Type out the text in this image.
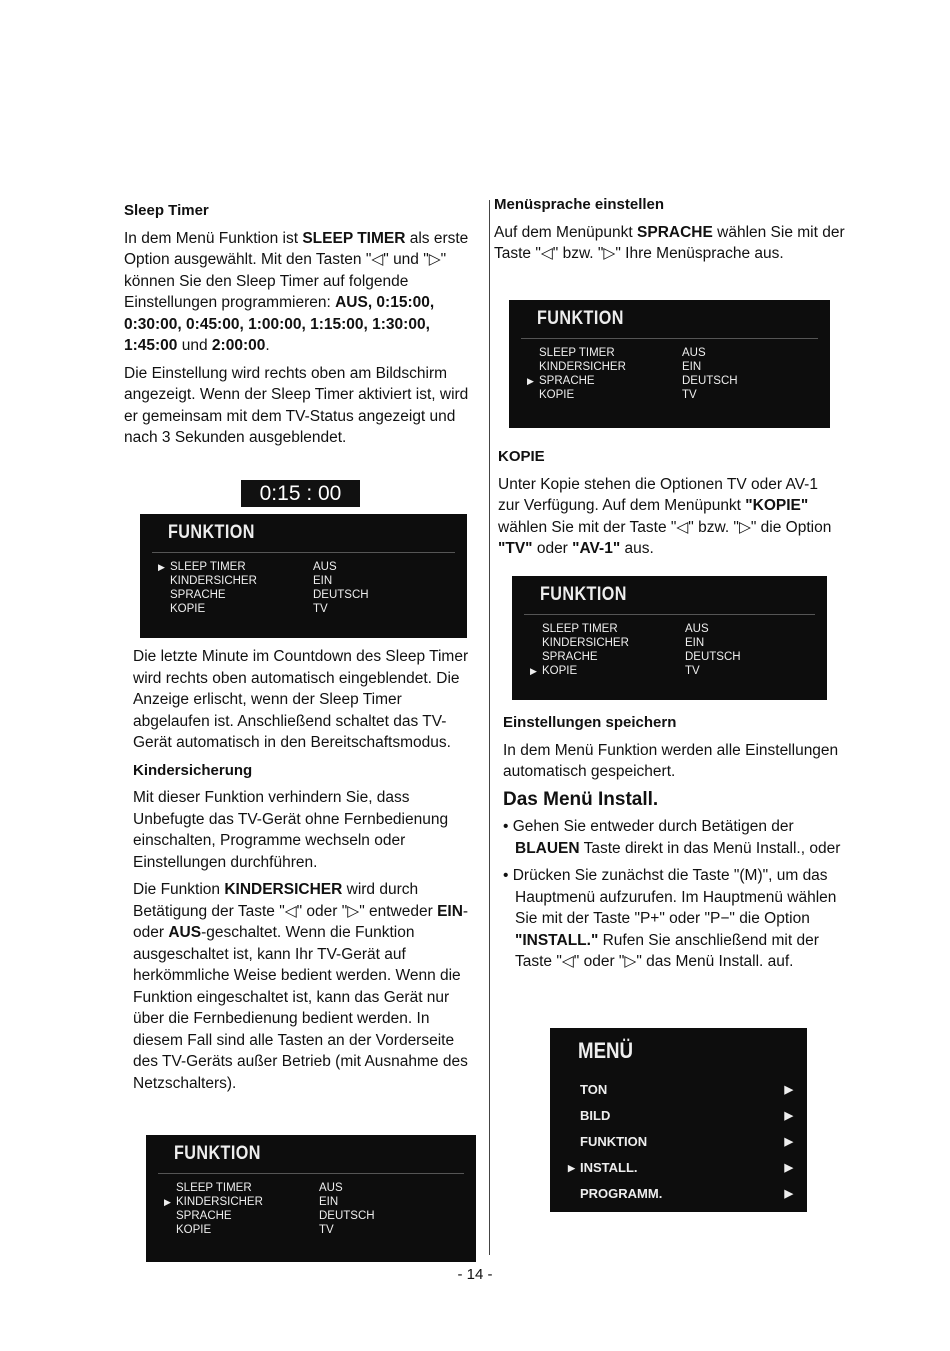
Sleep Timer

In dem Menü Funktion ist SLEEP TIMER als erste Option ausgewählt. Mit den Tasten "◁" und "▷" können Sie den Sleep Timer auf folgende Einstellungen programmieren: AUS, 0:15:00, 0:30:00, 0:45:00, 1:00:00, 1:15:00, 1:30:00, 1:45:00 und 2:00:00.

Die Einstellung wird rechts oben am Bildschirm angezeigt. Wenn der Sleep Timer aktiviert ist, wird er gemeinsam mit dem TV-Status angezeigt und nach 3 Sekunden ausgeblendet.

0:15 : 00
FUNKTION
▶ SLEEP TIMER	AUS
KINDERSICHER	EIN
SPRACHE	DEUTSCH
KOPIE	TV

Die letzte Minute im Countdown des Sleep Timer wird rechts oben automatisch eingeblendet. Die Anzeige erlischt, wenn der Sleep Timer abgelaufen ist. Anschließend schaltet das TV-Gerät automatisch in den Bereitschaftsmodus.

Kindersicherung

Mit dieser Funktion verhindern Sie, dass Unbefugte das TV-Gerät ohne Fernbedienung einschalten, Programme wechseln oder Einstellungen durchführen.

Die Funktion KINDERSICHER wird durch Betätigung der Taste "◁" oder "▷" entweder EIN- oder AUS-geschaltet. Wenn die Funktion ausgeschaltet ist, kann Ihr TV-Gerät auf herkömmliche Weise bedient werden. Wenn die Funktion eingeschaltet ist, kann das Gerät nur über die Fernbedienung bedient werden. In diesem Fall sind alle Tasten an der Vorderseite des TV-Geräts außer Betrieb (mit Ausnahme des Netzschalters).

FUNKTION
SLEEP TIMER	AUS
▶ KINDERSICHER	EIN
SPRACHE	DEUTSCH
KOPIE	TV

Menüsprache einstellen

Auf dem Menüpunkt SPRACHE wählen Sie mit der Taste "◁" bzw. "▷" Ihre Menüsprache aus.

FUNKTION
SLEEP TIMER	AUS
KINDERSICHER	EIN
▶ SPRACHE	DEUTSCH
KOPIE	TV

KOPIE

Unter Kopie stehen die Optionen TV oder AV-1 zur Verfügung. Auf dem Menüpunkt "KOPIE" wählen Sie mit der Taste "◁" bzw. "▷" die Option "TV" oder "AV-1" aus.

FUNKTION
SLEEP TIMER	AUS
KINDERSICHER	EIN
SPRACHE	DEUTSCH
▶ KOPIE	TV

Einstellungen speichern

In dem Menü Funktion werden alle Einstellungen automatisch gespeichert.

Das Menü Install.

• Gehen Sie entweder durch Betätigen der BLAUEN Taste direkt in das Menü Install., oder

• Drücken Sie zunächst die Taste "(M)", um das Hauptmenü aufzurufen. Im Hauptmenü wählen Sie mit der Taste "P+" oder "P−" die Option "INSTALL." Rufen Sie anschließend mit der Taste "◁" oder "▷" das Menü Install. auf.

MENÜ
TON	▶
BILD	▶
FUNKTION	▶
▶ INSTALL.	▶
PROGRAMM.	▶
- 14 -
